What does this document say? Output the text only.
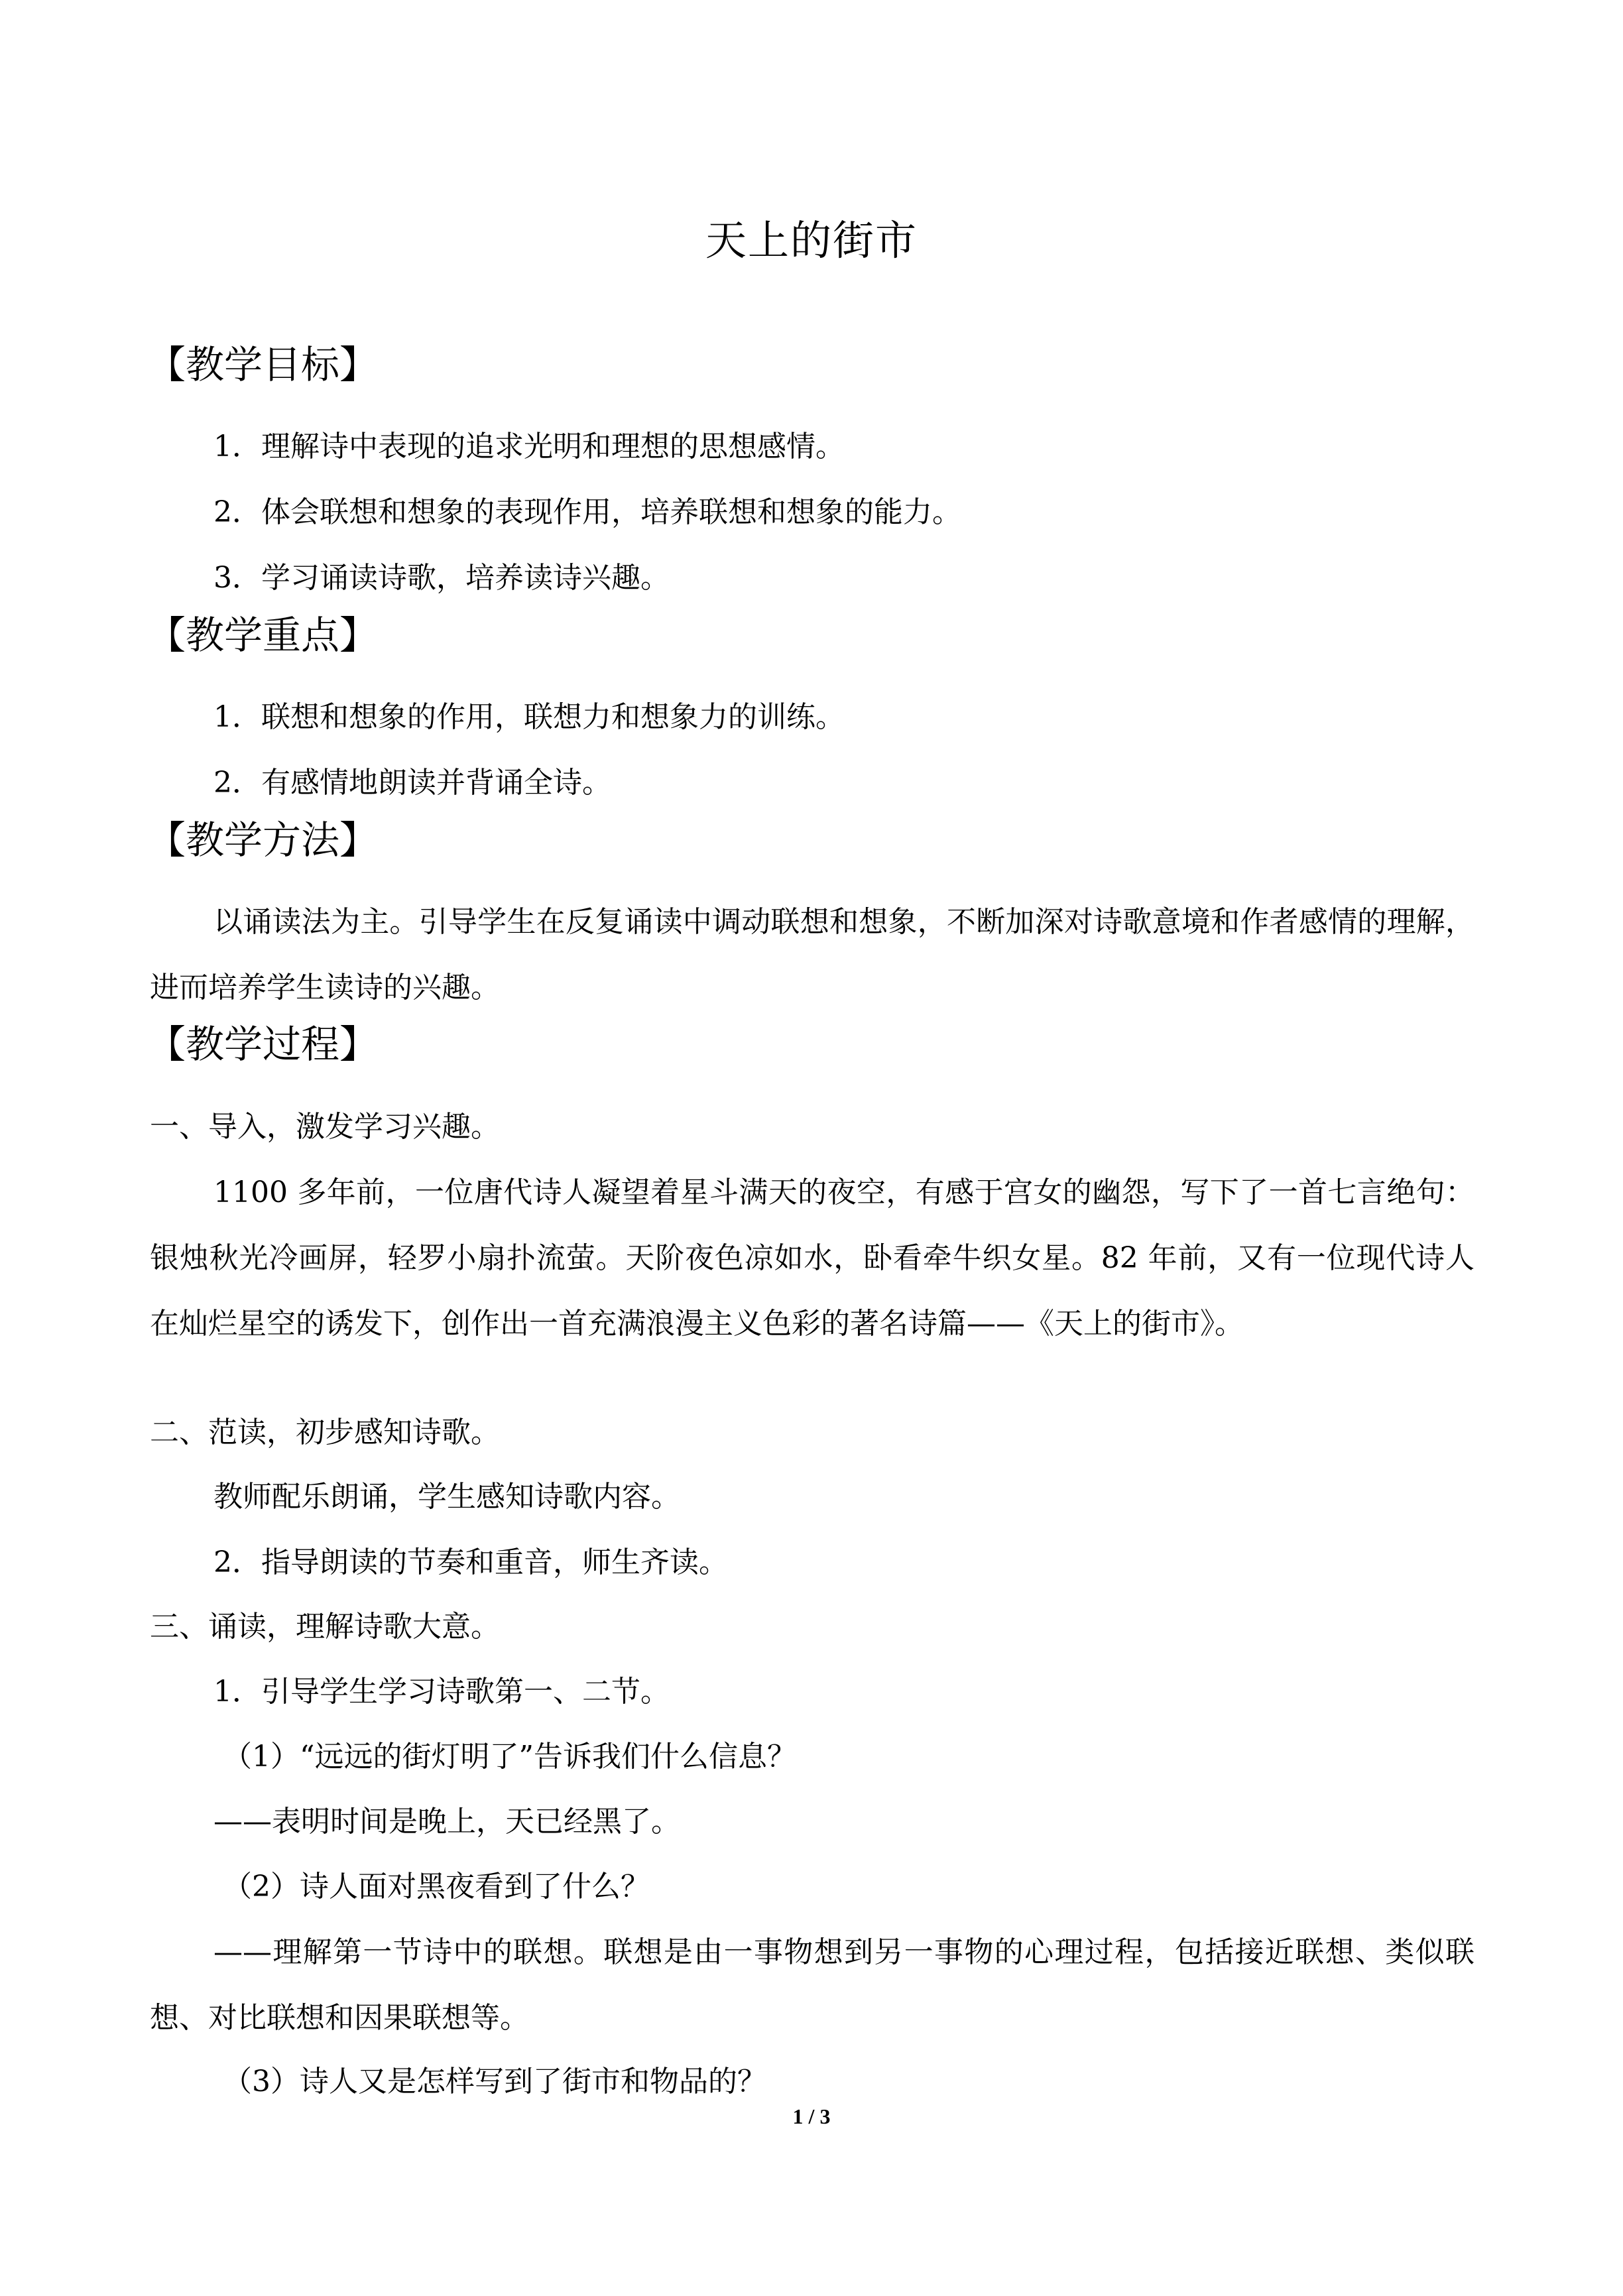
天上的街市
【教学目标】
1．理解诗中表现的追求光明和理想的思想感情。
2．体会联想和想象的表现作用，培养联想和想象的能力。
3．学习诵读诗歌，培养读诗兴趣。
【教学重点】
1．联想和想象的作用，联想力和想象力的训练。
2．有感情地朗读并背诵全诗。
【教学方法】

以诵读法为主。引导学生在反复诵读中调动联想和想象，不断加深对诗歌意境和作者感情的理解，进而培养学生读诗的兴趣。

【教学过程】
一、导入，激发学习兴趣。

1100 多年前，一位唐代诗人凝望着星斗满天的夜空，有感于宫女的幽怨，写下了一首七言绝句：银烛秋光冷画屏，轻罗小扇扑流萤。天阶夜色凉如水，卧看牵牛织女星。82 年前，又有一位现代诗人在灿烂星空的诱发下，创作出一首充满浪漫主义色彩的著名诗篇——《天上的街市》。

二、范读，初步感知诗歌。
教师配乐朗诵，学生感知诗歌内容。
2．指导朗读的节奏和重音，师生齐读。
三、诵读，理解诗歌大意。
1．引导学生学习诗歌第一、二节。
（1）“远远的街灯明了”告诉我们什么信息？
——表明时间是晚上，天已经黑了。
（2）诗人面对黑夜看到了什么？

——理解第一节诗中的联想。联想是由一事物想到另一事物的心理过程，包括接近联想、类似联想、对比联想和因果联想等。

（3）诗人又是怎样写到了街市和物品的？
1 / 3
